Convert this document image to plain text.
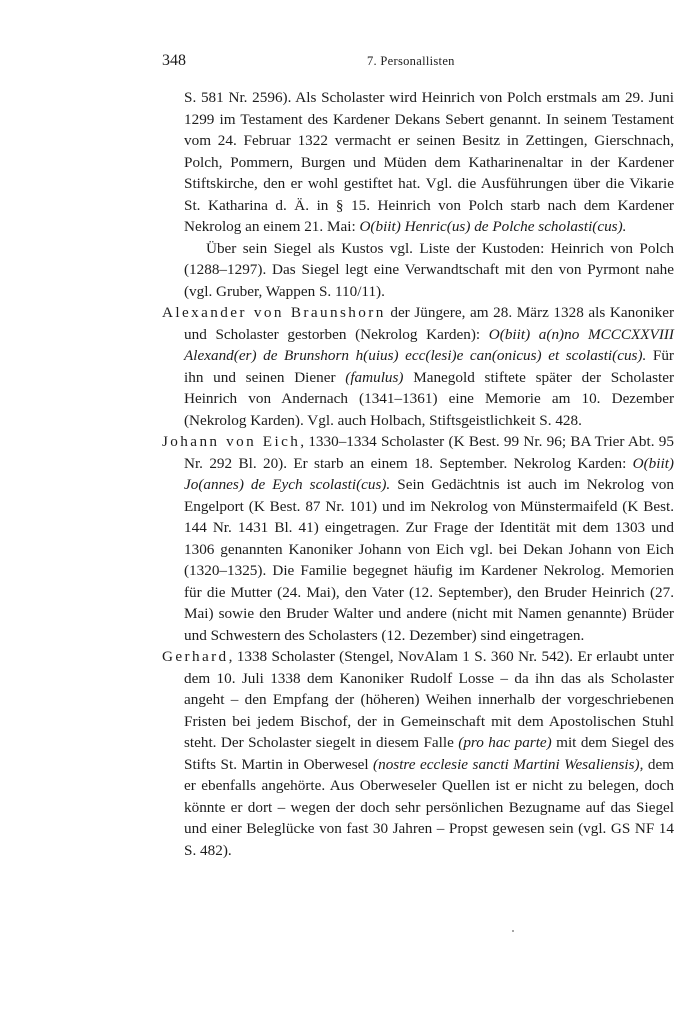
348	7. Personallisten

S. 581 Nr. 2596). Als Scholaster wird Heinrich von Polch erstmals am 29. Juni 1299 im Testament des Kardener Dekans Sebert genannt. In seinem Testament vom 24. Februar 1322 vermacht er seinen Besitz in Zettingen, Gierschnach, Polch, Pommern, Burgen und Müden dem Katharinenaltar in der Kardener Stiftskirche, den er wohl gestiftet hat. Vgl. die Ausführungen über die Vikarie St. Katharina d. Ä. in § 15. Heinrich von Polch starb nach dem Kardener Nekrolog an einem 21. Mai: O(biit) Henric(us) de Polche scholasti(cus).

Über sein Siegel als Kustos vgl. Liste der Kustoden: Heinrich von Polch (1288–1297). Das Siegel legt eine Verwandtschaft mit den von Pyrmont nahe (vgl. Gruber, Wappen S. 110/11).

Alexander von Braunshorn der Jüngere, am 28. März 1328 als Kanoniker und Scholaster gestorben (Nekrolog Karden): O(biit) a(n)no MCCCXXVIII Alexand(er) de Brunshorn h(uius) ecc(lesi)e can(onicus) et scolasti(cus). Für ihn und seinen Diener (famulus) Manegold stiftete später der Scholaster Heinrich von Andernach (1341–1361) eine Memorie am 10. Dezember (Nekrolog Karden). Vgl. auch Holbach, Stiftsgeistlichkeit S. 428.

Johann von Eich, 1330–1334 Scholaster (K Best. 99 Nr. 96; BA Trier Abt. 95 Nr. 292 Bl. 20). Er starb an einem 18. September. Nekrolog Karden: O(biit) Jo(annes) de Eych scolasti(cus). Sein Gedächtnis ist auch im Nekrolog von Engelport (K Best. 87 Nr. 101) und im Nekrolog von Münstermaifeld (K Best. 144 Nr. 1431 Bl. 41) eingetragen. Zur Frage der Identität mit dem 1303 und 1306 genannten Kanoniker Johann von Eich vgl. bei Dekan Johann von Eich (1320–1325). Die Familie begegnet häufig im Kardener Nekrolog. Memorien für die Mutter (24. Mai), den Vater (12. September), den Bruder Heinrich (27. Mai) sowie den Bruder Walter und andere (nicht mit Namen genannte) Brüder und Schwestern des Scholasters (12. Dezember) sind eingetragen.

Gerhard, 1338 Scholaster (Stengel, NovAlam 1 S. 360 Nr. 542). Er erlaubt unter dem 10. Juli 1338 dem Kanoniker Rudolf Losse – da ihn das als Scholaster angeht – den Empfang der (höheren) Weihen innerhalb der vorgeschriebenen Fristen bei jedem Bischof, der in Gemeinschaft mit dem Apostolischen Stuhl steht. Der Scholaster siegelt in diesem Falle (pro hac parte) mit dem Siegel des Stifts St. Martin in Oberwesel (nostre ecclesie sancti Martini Wesaliensis), dem er ebenfalls angehörte. Aus Oberweseler Quellen ist er nicht zu belegen, doch könnte er dort – wegen der doch sehr persönlichen Bezugname auf das Siegel und einer Beleglücke von fast 30 Jahren – Propst gewesen sein (vgl. GS NF 14 S. 482).
